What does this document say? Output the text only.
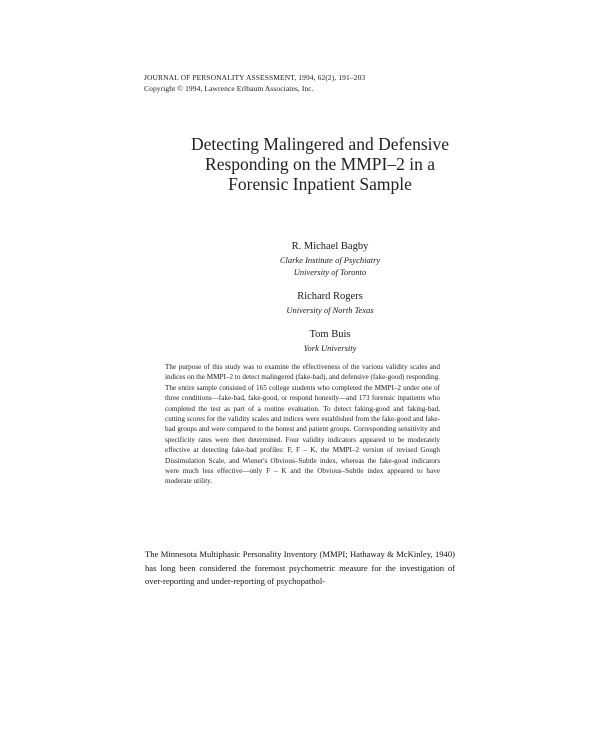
JOURNAL OF PERSONALITY ASSESSMENT, 1994, 62(2), 191–203
Copyright © 1994, Lawrence Erlbaum Associates, Inc.
Detecting Malingered and Defensive
Responding on the MMPI–2 in a
Forensic Inpatient Sample
R. Michael Bagby
Clarke Institute of Psychiatry
University of Toronto
Richard Rogers
University of North Texas
Tom Buis
York University
The purpose of this study was to examine the effectiveness of the various validity scales and indices on the MMPI–2 to detect malingered (fake-bad), and defensive (fake-good) responding. The entire sample consisted of 165 college students who completed the MMPI–2 under one of three conditions—fake-bad, fake-good, or respond honestly—and 173 forensic inpatients who completed the test as part of a routine evaluation. To detect faking-good and faking-bad, cutting scores for the validity scales and indices were established from the fake-good and fake-bad groups and were compared to the honest and patient groups. Corresponding sensitivity and specificity rates were then determined. Four validity indicators appeared to be moderately effective at detecting fake-bad profiles: F, F – K, the MMPI–2 version of revised Gough Dissimulation Scale, and Wiener's Obvious–Subtle index, whereas the fake-good indicators were much less effective—only F – K and the Obvious–Subtle index appeared to have moderate utility.
The Minnesota Multiphasic Personality Inventory (MMPI; Hathaway & McKinley, 1940) has long been considered the foremost psychometric measure for the investigation of over-reporting and under-reporting of psychopathol-
